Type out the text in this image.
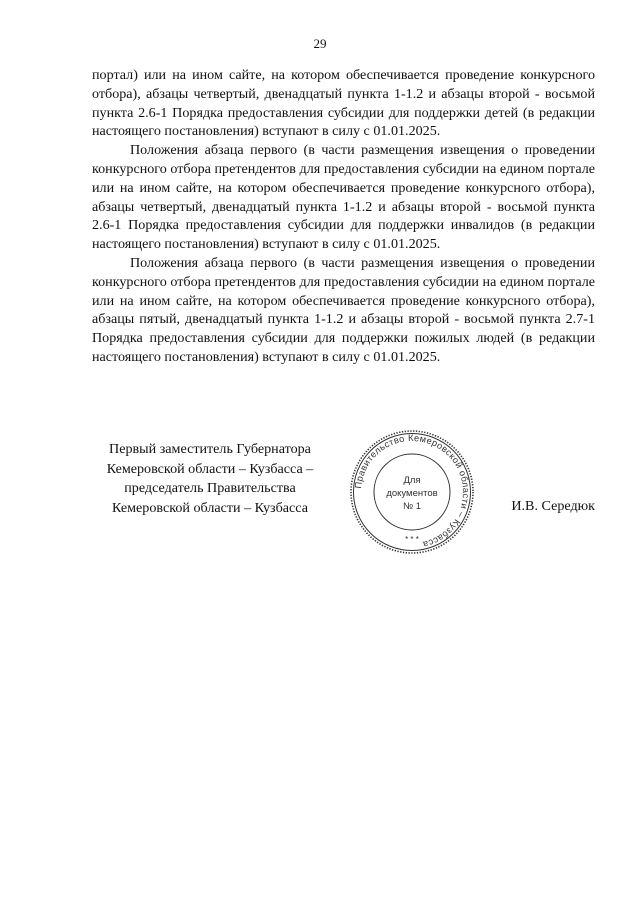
29

портал) или на ином сайте, на котором обеспечивается проведение конкурсного отбора), абзацы четвертый, двенадцатый пункта 1-1.2 и абзацы второй - восьмой пункта 2.6-1 Порядка предоставления субсидии для поддержки детей (в редакции настоящего постановления) вступают в силу с 01.01.2025.

Положения абзаца первого (в части размещения извещения о проведении конкурсного отбора претендентов для предоставления субсидии на едином портале или на ином сайте, на котором обеспечивается проведение конкурсного отбора), абзацы четвертый, двенадцатый пункта 1-1.2 и абзацы второй - восьмой пункта 2.6-1 Порядка предоставления субсидии для поддержки инвалидов (в редакции настоящего постановления) вступают в силу с 01.01.2025.

Положения абзаца первого (в части размещения извещения о проведении конкурсного отбора претендентов для предоставления субсидии на едином портале или на ином сайте, на котором обеспечивается проведение конкурсного отбора), абзацы пятый, двенадцатый пункта 1-1.2 и абзацы второй - восьмой пункта 2.7-1 Порядка предоставления субсидии для поддержки пожилых людей (в редакции настоящего постановления) вступают в силу с 01.01.2025.

Первый заместитель Губернатора
Кемеровской области – Кузбасса –
председатель Правительства
Кемеровской области – Кузбасса	И.В. Середюк
Правительство Кемеровской области – Кузбасса
Для
документов
№ 1
* * *
